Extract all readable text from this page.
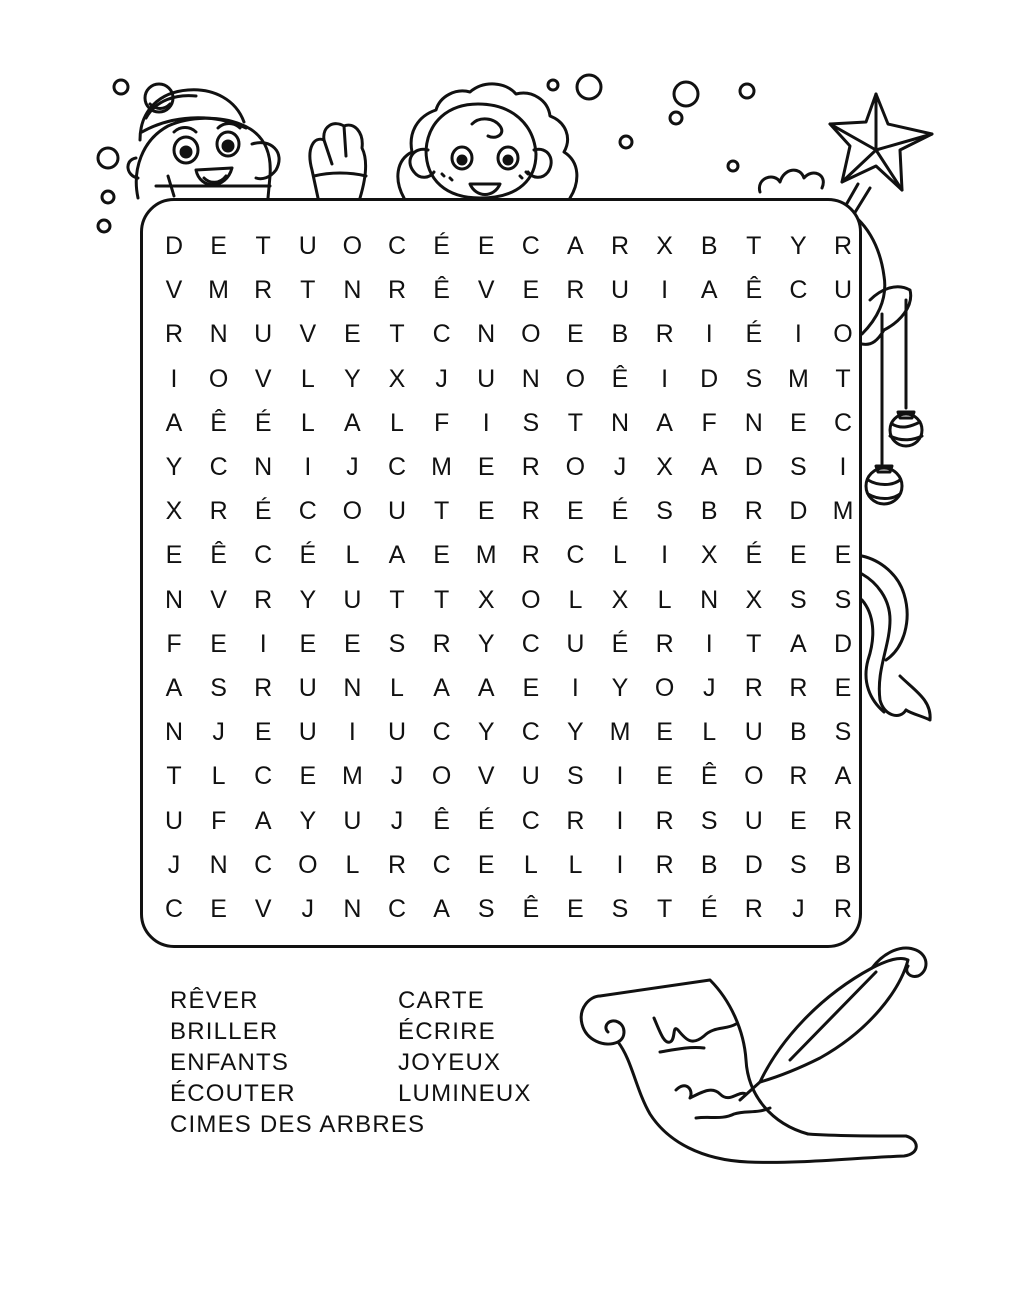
D	E	T	U	O	C	É	E	C	A	R	X	B	T	Y	R
V	M	R	T	N	R	Ê	V	E	R	U	I	A	Ê	C	U
R	N	U	V	E	T	C	N	O	E	B	R	I	É	I	O
I	O	V	L	Y	X	J	U	N	O	Ê	I	D	S	M	T
A	Ê	É	L	A	L	F	I	S	T	N	A	F	N	E	C
Y	C	N	I	J	C	M	E	R	O	J	X	A	D	S	I
X	R	É	C	O	U	T	E	R	E	É	S	B	R	D	M
E	Ê	C	É	L	A	E	M	R	C	L	I	X	É	E	E
N	V	R	Y	U	T	T	X	O	L	X	L	N	X	S	S
F	E	I	E	E	S	R	Y	C	U	É	R	I	T	A	D
A	S	R	U	N	L	A	A	E	I	Y	O	J	R	R	E
N	J	E	U	I	U	C	Y	C	Y	M	E	L	U	B	S
T	L	C	E	M	J	O	V	U	S	I	E	Ê	O	R	A
U	F	A	Y	U	J	Ê	É	C	R	I	R	S	U	E	R
J	N	C	O	L	R	C	E	L	L	I	R	B	D	S	B
C	E	V	J	N	C	A	S	Ê	E	S	T	É	R	J	R
RÊVER
BRILLER
ENFANTS
ÉCOUTER
CARTE
ÉCRIRE
JOYEUX
LUMINEUX
CIMES DES ARBRES
